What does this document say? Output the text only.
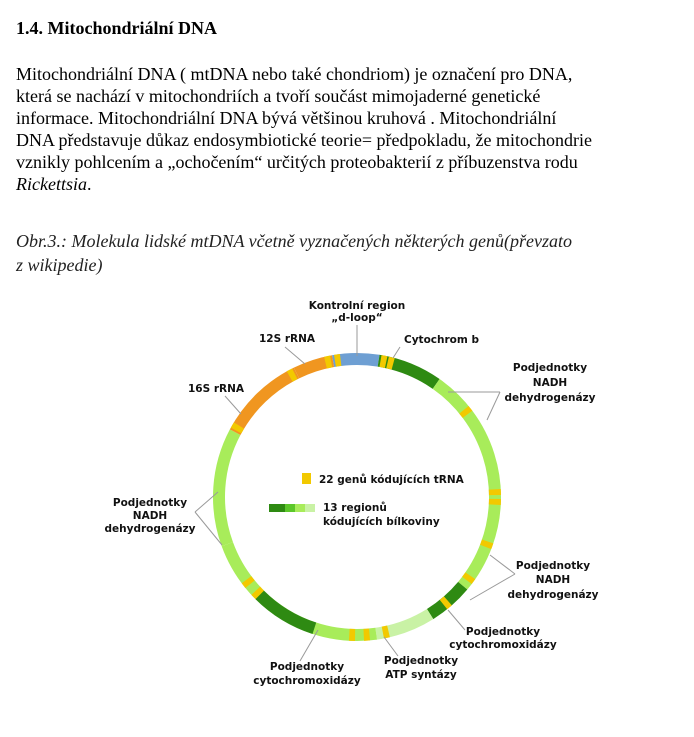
1.4. Mitochondriální DNA
Mitochondriální DNA ( mtDNA nebo také chondriom) je označení pro DNA,
která se nachází v mitochondriích a tvoří součást mimojaderné genetické
informace. Mitochondriální DNA bývá většinou kruhová . Mitochondriální
DNA představuje důkaz endosymbiotické teorie= předpokladu, že mitochondrie
vznikly pohlcením a „ochočením“ určitých proteobakterií z příbuzenstva rodu
Rickettsia.
Obr.3.: Molekula lidské mtDNA včetně vyznačených některých genů(převzato
z wikipedie)
Kontrolní region
„d-loop“
Cytochrom b
Podjednotky
NADH
dehydrogenázy
12S rRNA
16S rRNA
Podjednotky
NADH
dehydrogenázy
Podjednotky
NADH
dehydrogenázy
Podjednotky
cytochromoxidázy
Podjednotky
ATP syntázy
Podjednotky
cytochromoxidázy
22 genů kódujících tRNA
13 regionů
kódujících bílkoviny
